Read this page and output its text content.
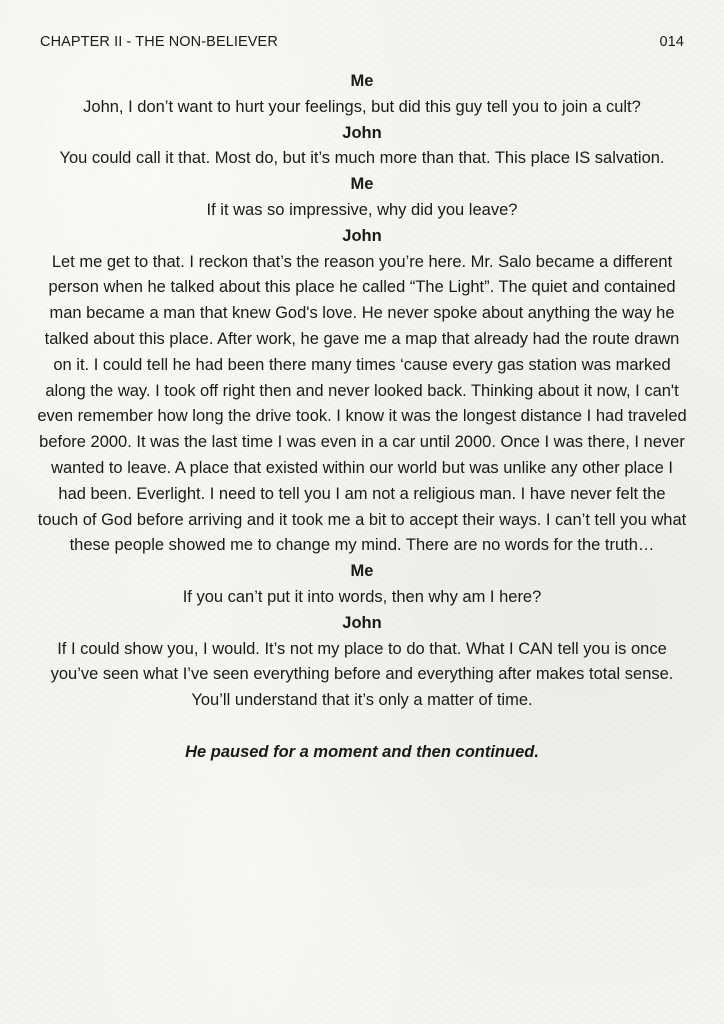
CHAPTER II - THE NON-BELIEVER	014

Me

John, I don’t want to hurt your feelings, but did this guy tell you to join a cult?

John

You could call it that. Most do, but it’s much more than that. This place IS salvation.

Me

If it was so impressive, why did you leave?

John

Let me get to that. I reckon that’s the reason you’re here. Mr. Salo became a different person when he talked about this place he called “The Light”. The quiet and contained man became a man that knew God's love. He never spoke about anything the way he talked about this place. After work, he gave me a map that already had the route drawn on it. I could tell he had been there many times ‘cause every gas station was marked along the way. I took off right then and never looked back. Thinking about it now, I can't even remember how long the drive took. I know it was the longest distance I had traveled before 2000. It was the last time I was even in a car until 2000. Once I was there, I never wanted to leave. A place that existed within our world but was unlike any other place I had been. Everlight. I need to tell you I am not a religious man. I have never felt the touch of God before arriving and it took me a bit to accept their ways. I can’t tell you what these people showed me to change my mind. There are no words for the truth…

Me

If you can’t put it into words, then why am I here?

John

If I could show you, I would. It’s not my place to do that. What I CAN tell you is once you’ve seen what I’ve seen everything before and everything after makes total sense. You’ll understand that it’s only a matter of time.

He paused for a moment and then continued.
